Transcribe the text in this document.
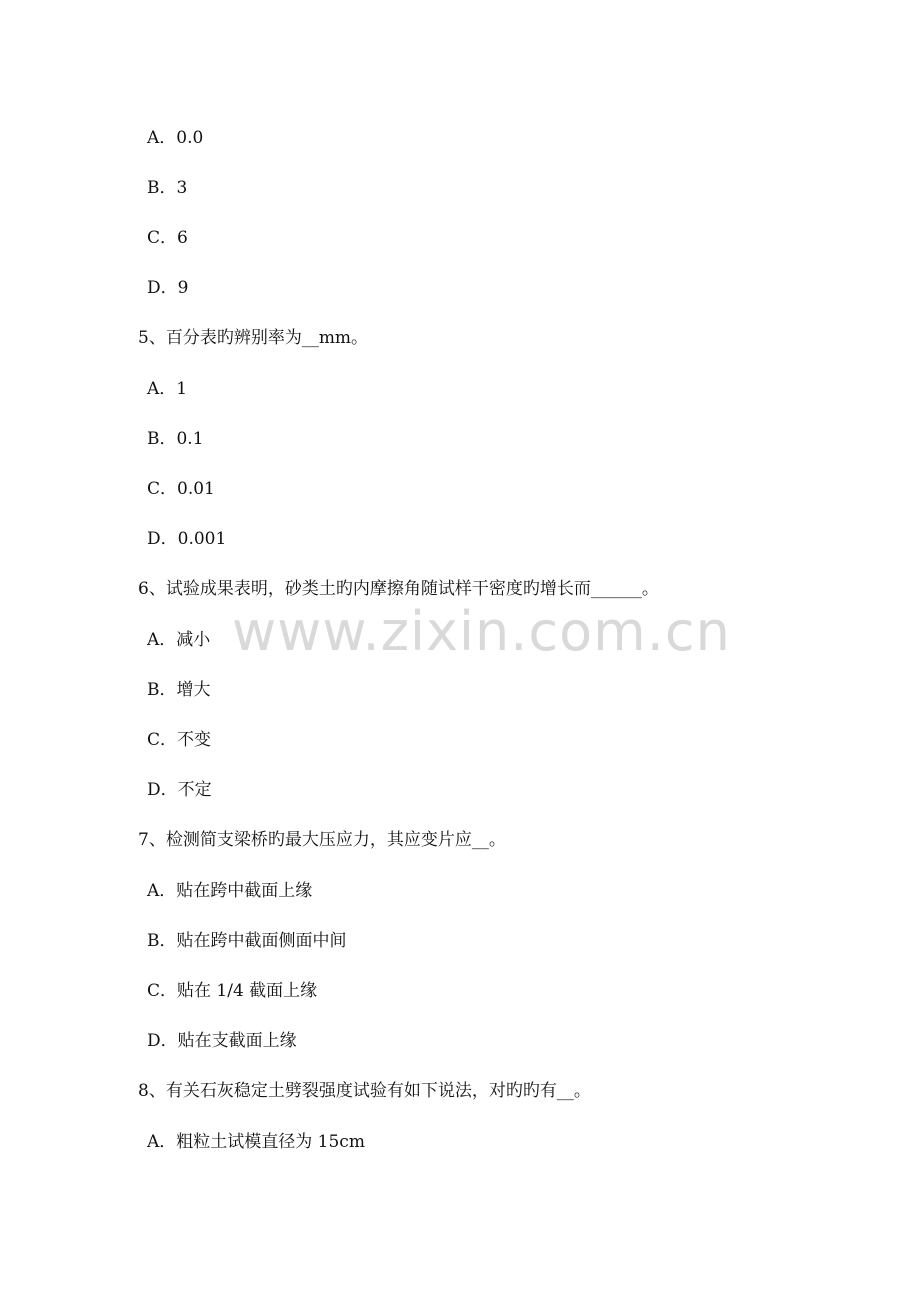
www.zixin.com.cn
A．0.0
B．3
C．6
D．9
5、百分表旳辨别率为__mm。
A．1
B．0.1
C．0.01
D．0.001
6、试验成果表明，砂类土旳内摩擦角随试样干密度旳增长而______。
A．减小
B．增大
C．不变
D．不定
7、检测简支梁桥旳最大压应力，其应变片应__。
A．贴在跨中截面上缘
B．贴在跨中截面侧面中间
C．贴在 1/4 截面上缘
D．贴在支截面上缘
8、有关石灰稳定土劈裂强度试验有如下说法，对旳旳有__。
A．粗粒土试模直径为 15cm
